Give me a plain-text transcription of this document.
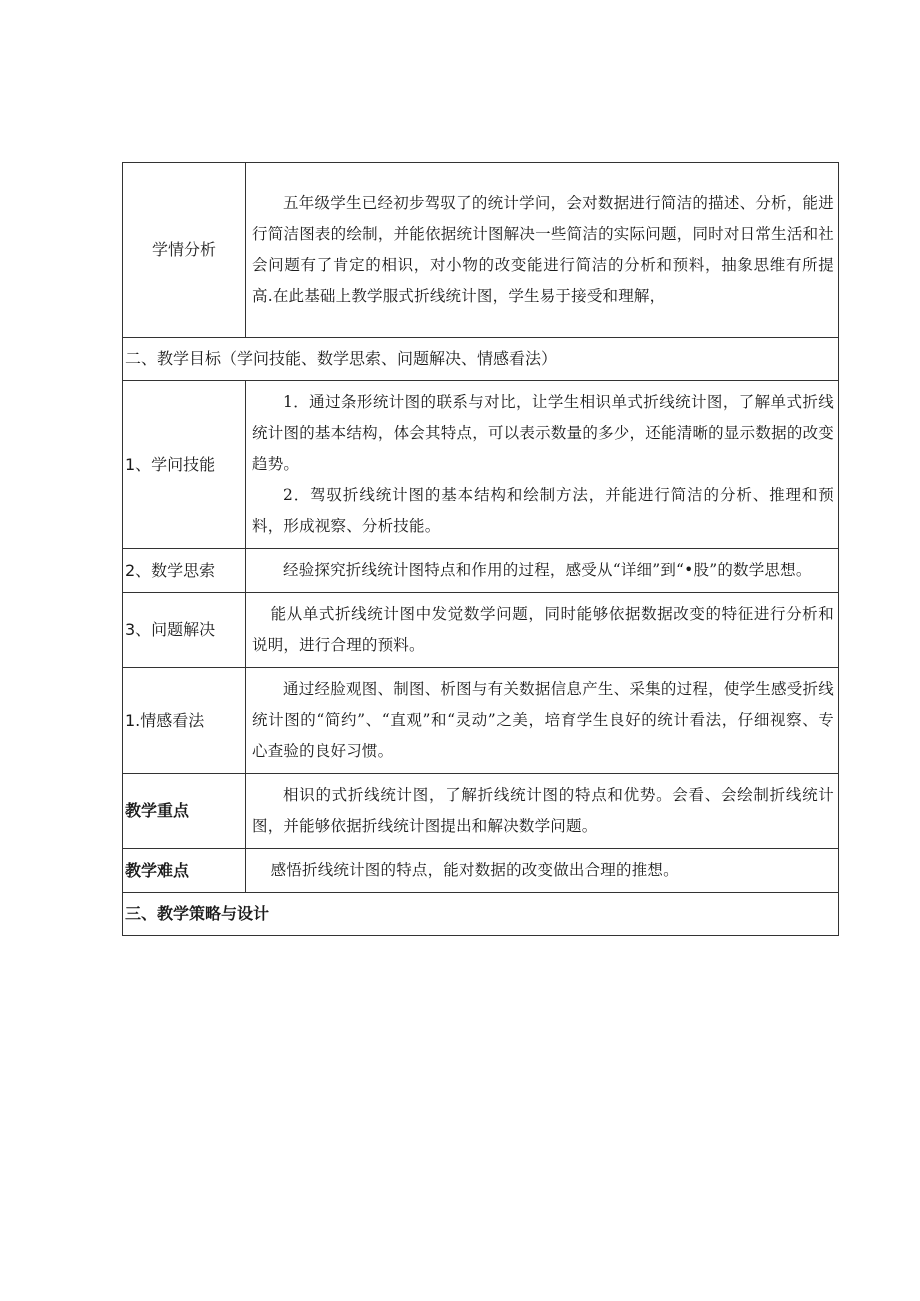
学情分析	五年级学生已经初步驾驭了的统计学问，会对数据进行简洁的描述、分析，能进行简洁图表的绘制，并能依据统计图解决一些简洁的实际问题，同时对日常生活和社会问题有了肯定的相识，对小物的改变能进行简洁的分析和预料，抽象思维有所提高.在此基础上教学服式折线统计图，学生易于接受和理解，

二、教学目标（学问技能、数学思索、问题解决、情感看法）	
1、学问技能	1．通过条形统计图的联系与对比，让学生相识单式折线统计图，了解单式折线统计图的基本结构，体会其特点，可以表示数量的多少，还能清晰的显示数据的改变趋势。

2．驾驭折线统计图的基本结构和绘制方法，并能进行简洁的分析、推理和预料，形成视察、分析技能。

2、数学思索	经验探究折线统计图特点和作用的过程，感受从“详细”到“•股”的数学思想。

3、问题解决	能从单式折线统计图中发觉数学问题，同时能够依据数据改变的特征进行分析和说明，进行合理的预料。

1.情感看法	通过经脸观图、制图、析图与有关数据信息产生、采集的过程，使学生感受折线统计图的“简约”、“直观”和“灵动”之美，培育学生良好的统计看法，仔细视察、专心查验的良好习惯。

教学重点	相识的式折线统计图，了解折线统计图的特点和优势。会看、会绘制折线统计图，并能够依据折线统计图提出和解决数学问题。

教学难点	感悟折线统计图的特点，能对数据的改变做出合理的推想。

三、教学策略与设计	
